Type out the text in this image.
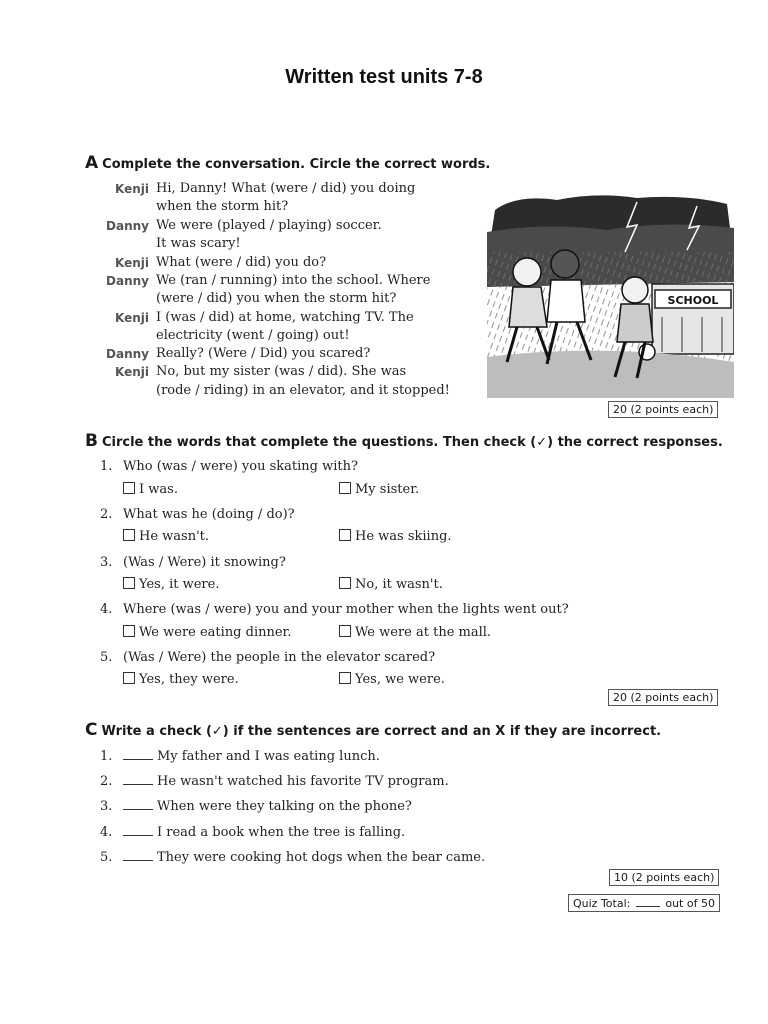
Written test units 7-8
A Complete the conversation. Circle the correct words.
Kenji Hi, Danny! What (were / did) you doing
when the storm hit?
Danny We were (played / playing) soccer.
It was scary!
Kenji What (were / did) you do?
Danny We (ran / running) into the school. Where
(were / did) you when the storm hit?
Kenji I (was / did) at home, watching TV. The
electricity (went / going) out!
Danny Really? (Were / Did) you scared?
Kenji No, but my sister (was / did). She was
(rode / riding) in an elevator, and it stopped!
SCHOOL
20 (2 points each)
B Circle the words that complete the questions. Then check (✓) the correct responses.
1. Who (was / were) you skating with?
I was.	My sister.
2. What was he (doing / do)?
He wasn't.	He was skiing.
3. (Was / Were) it snowing?
Yes, it were.	No, it wasn't.
4. Where (was / were) you and your mother when the lights went out?
We were eating dinner.	We were at the mall.
5. (Was / Were) the people in the elevator scared?
Yes, they were.	Yes, we were.
20 (2 points each)
C Write a check (✓) if the sentences are correct and an X if they are incorrect.
1.	My father and I was eating lunch.
2.	He wasn't watched his favorite TV program.
3.	When were they talking on the phone?
4.	I read a book when the tree is falling.
5.	They were cooking hot dogs when the bear came.
10 (2 points each)
Quiz Total:	out of 50
